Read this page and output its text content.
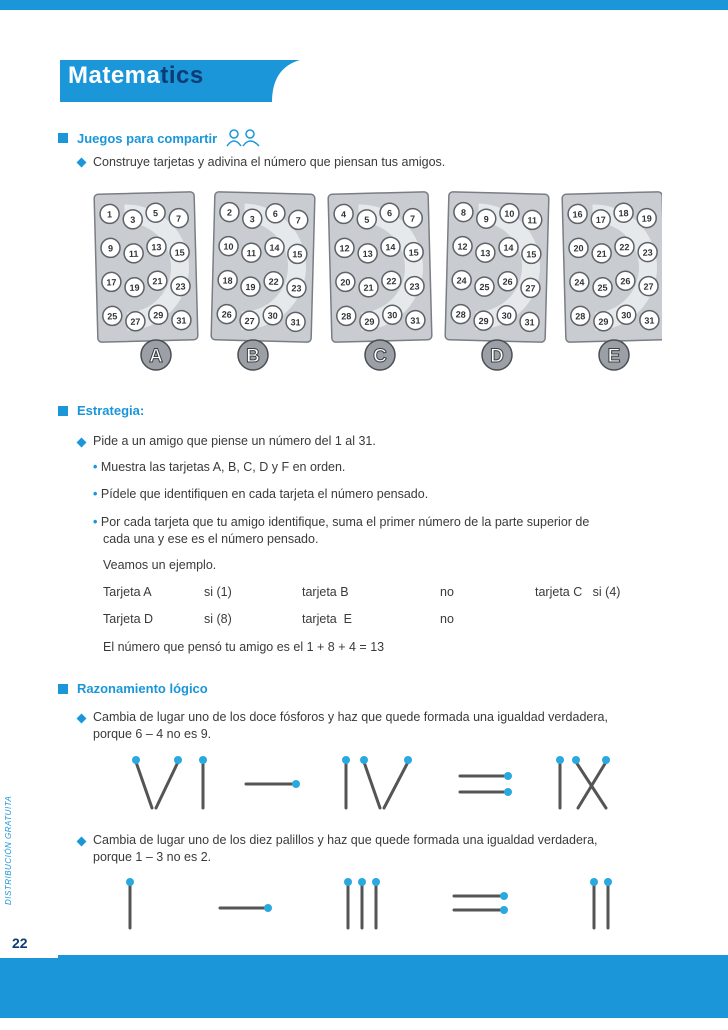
Matematics
Juegos para compartir
Construye tarjetas y adivina el número que piensan tus amigos.
1
3
5
7
9
11
13
15
17
19
21
23
25
27
29
31
A
2
3
6
7
10
11
14
15
18
19
22
23
26
27
30
31
B
4
5
6
7
12
13
14
15
20
21
22
23
28
29
30
31
C
8
9
10
11
12
13
14
15
24
25
26
27
28
29
30
31
D
16
17
18
19
20
21
22
23
24
25
26
27
28
29
30
31
E
Estrategia:
Pide a un amigo que piense un número del 1 al 31.
• Muestra las tarjetas A, B, C, D y F en orden.
• Pídele que identifiquen en cada tarjeta el número pensado.
• Por cada tarjeta que tu amigo identifique, suma el primer número de la parte superior de
cada una y ese es el número pensado.
Veamos un ejemplo.
Tarjeta A	si (1)	tarjeta B	no	tarjeta C   si (4)
Tarjeta D	si (8)	tarjeta  E	no
El número que pensó tu amigo es el 1 + 8 + 4 = 13
Razonamiento lógico
Cambia de lugar uno de los doce fósforos y haz que quede formada una igualdad verdadera,
porque 6 – 4 no es 9.
Cambia de lugar uno de los diez palillos y haz que quede formada una igualdad verdadera,
porque 1 – 3 no es 2.
DISTRIBUCIÓN GRATUITA
22
